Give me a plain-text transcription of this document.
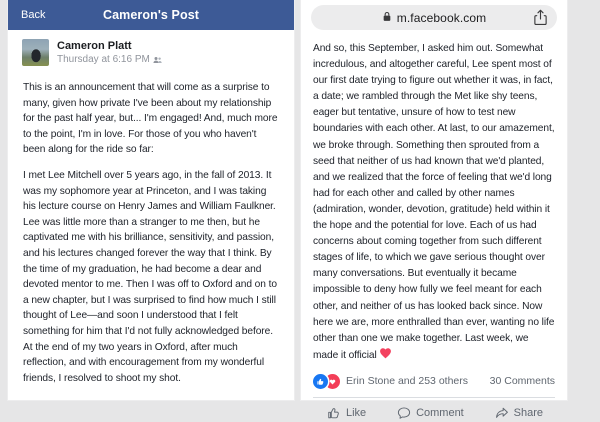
Back	Cameron's Post
Cameron Platt
Thursday at 6:16 PM

This is an announcement that will come as a surprise to many, given how private I've been about my relationship for the past half year, but... I'm engaged! And, much more to the point, I'm in love. For those of you who haven't been along for the ride so far:

I met Lee Mitchell over 5 years ago, in the fall of 2013. It was my sophomore year at Princeton, and I was taking his lecture course on Henry James and William Faulkner. Lee was little more than a stranger to me then, but he captivated me with his brilliance, sensitivity, and passion, and his lectures changed forever the way that I think. By the time of my graduation, he had become a dear and devoted mentor to me. Then I was off to Oxford and on to a new chapter, but I was surprised to find how much I still thought of Lee—and soon I understood that I felt something for him that I'd not fully acknowledged before. At the end of my two years in Oxford, after much reflection, and with encouragement from my wonderful friends, I resolved to shoot my shot.

m.facebook.com

And so, this September, I asked him out. Somewhat incredulous, and altogether careful, Lee spent most of our first date trying to figure out whether it was, in fact, a date; we rambled through the Met like shy teens, eager but tentative, unsure of how to test new boundaries with each other. At last, to our amazement, we broke through. Something then sprouted from a seed that neither of us had known that we'd planted, and we realized that the force of feeling that we'd long had for each other and called by other names (admiration, wonder, devotion, gratitude) held within it the hope and the potential for love. Each of us had concerns about coming together from such different stages of life, to which we gave serious thought over many conversations. But eventually it became impossible to deny how fully we feel meant for each other, and neither of us has looked back since. Now here we are, more enthralled than ever, wanting no life other than one we make together. Last week, we made it official

Erin Stone and 253 others 30 Comments
Like	Comment	Share
